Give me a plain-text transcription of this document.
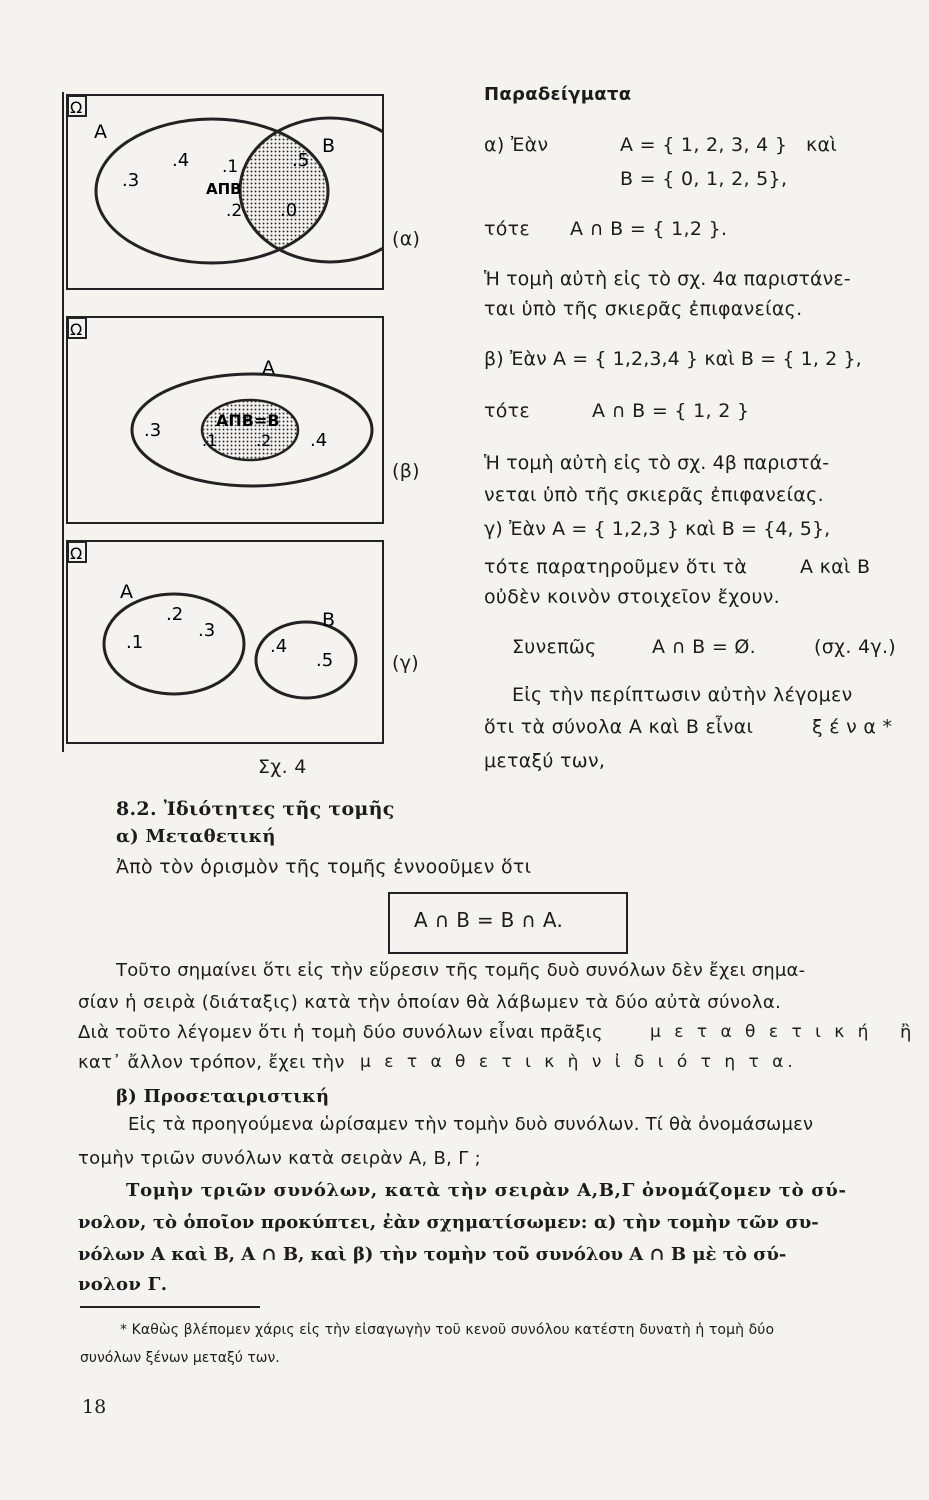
Ω
A
B
.4
.3	ΑΠΒ
.1
.2
.5
.0
(α)
Ω
A
ΑΠΒ=Β
.1 .2
.3	.4
(β)
Ω
A
B
.2
.1
.3
.4
.5	(γ)
Σχ. 4
Παραδείγματα
α) Ἐὰν	A = { 1, 2, 3, 4 } καὶ
B = { 0, 1, 2, 5},
τότε A ∩ B = { 1,2 }.
Ἡ τομὴ αὐτὴ εἰς τὸ σχ. 4α παριστάνε-
ται ὑπὸ τῆς σκιερᾶς ἐπιφανείας.
β) Ἐὰν A = { 1,2,3,4 } καὶ B = { 1, 2 },
τότε	A ∩ B = { 1, 2 }
Ἡ τομὴ αὐτὴ εἰς τὸ σχ. 4β παριστά-
νεται ὑπὸ τῆς σκιερᾶς ἐπιφανείας.
γ) Ἐὰν A = { 1,2,3 } καὶ B = {4, 5},
τότε παρατηροῦμεν ὅτι τὰ	A καὶ B
οὐδὲν κοινὸν στοιχεῖον ἔχουν.
Συνεπῶς	A ∩ B = Ø.	(σχ. 4γ.)
Εἰς τὴν περίπτωσιν αὐτὴν λέγομεν
ὅτι τὰ σύνολα A καὶ B εἶναι	ξ έ ν α *
μεταξύ των,
8.2. Ἰδιότητες τῆς τομῆς
α) Μεταθετική
Ἀπὸ τὸν ὁρισμὸν τῆς τομῆς ἐννοοῦμεν ὅτι
A ∩ B = B ∩ A.
Τοῦτο σημαίνει ὅτι εἰς τὴν εὕρεσιν τῆς τομῆς δυὸ συνόλων δὲν ἔχει σημα-
σίαν ἡ σειρὰ (διάταξις) κατὰ τὴν ὁποίαν θὰ λάβωμεν τὰ δύο αὐτὰ σύνολα.
Διὰ τοῦτο λέγομεν ὅτι ἡ τομὴ δύο συνόλων εἶναι πρᾶξις	μ ε τ α θ ε τ ι κ ή ἢ
κατ᾽ ἄλλον τρόπον, ἔχει τὴν μ ε τ α θ ε τ ι κ ὴ ν ἰ δ ι ό τ η τ α.
β) Προσεταιριστική
Εἰς τὰ προηγούμενα ὡρίσαμεν τὴν τομὴν δυὸ συνόλων. Τί θὰ ὀνομάσωμεν
τομὴν τριῶν συνόλων κατὰ σειρὰν A, B, Γ ;
Τομὴν τριῶν συνόλων, κατὰ τὴν σειρὰν A,B,Γ ὀνομάζομεν τὸ σύ-
νολον, τὸ ὁποῖον προκύπτει, ἐὰν σχηματίσωμεν: α) τὴν τομὴν τῶν συ-
νόλων A καὶ B, A ∩ B, καὶ β) τὴν τομὴν τοῦ συνόλου A ∩ B μὲ τὸ σύ-
νολον Γ.
* Καθὼς βλέπομεν χάρις εἰς τὴν εἰσαγωγὴν τοῦ κενοῦ συνόλου κατέστη δυνατὴ ἡ τομὴ δύο
συνόλων ξένων μεταξύ των.
18
